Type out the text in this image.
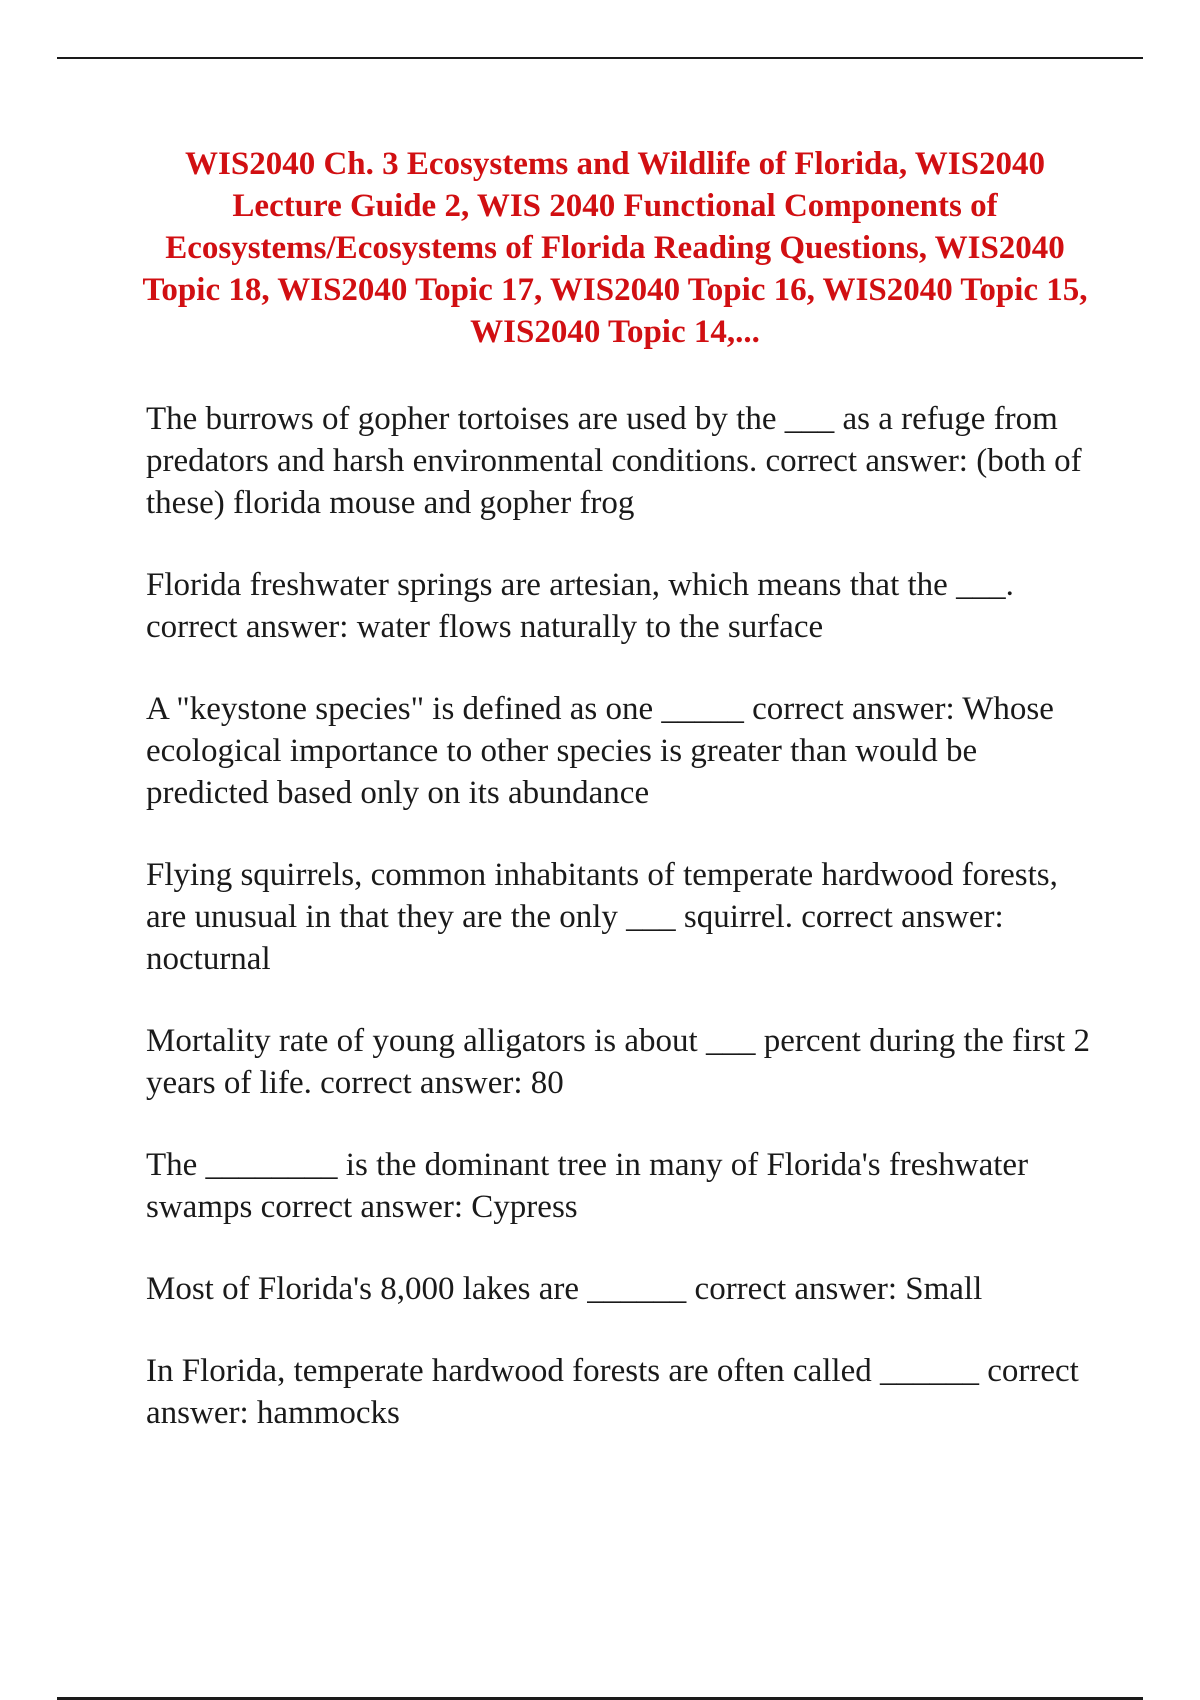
WIS2040 Ch. 3 Ecosystems and Wildlife of Florida, WIS2040 Lecture Guide 2, WIS 2040 Functional Components of Ecosystems/Ecosystems of Florida Reading Questions, WIS2040 Topic 18, WIS2040 Topic 17, WIS2040 Topic 16, WIS2040 Topic 15, WIS2040 Topic 14,...

The burrows of gopher tortoises are used by the ___ as a refuge from predators and harsh environmental conditions. correct answer: (both of these) florida mouse and gopher frog

Florida freshwater springs are artesian, which means that the ___. correct answer: water flows naturally to the surface

A "keystone species" is defined as one _____ correct answer: Whose ecological importance to other species is greater than would be predicted based only on its abundance

Flying squirrels, common inhabitants of temperate hardwood forests, are unusual in that they are the only ___ squirrel. correct answer: nocturnal

Mortality rate of young alligators is about ___ percent during the first 2 years of life. correct answer: 80

The ________ is the dominant tree in many of Florida's freshwater swamps correct answer: Cypress

Most of Florida's 8,000 lakes are ______ correct answer: Small

In Florida, temperate hardwood forests are often called ______ correct answer: hammocks
